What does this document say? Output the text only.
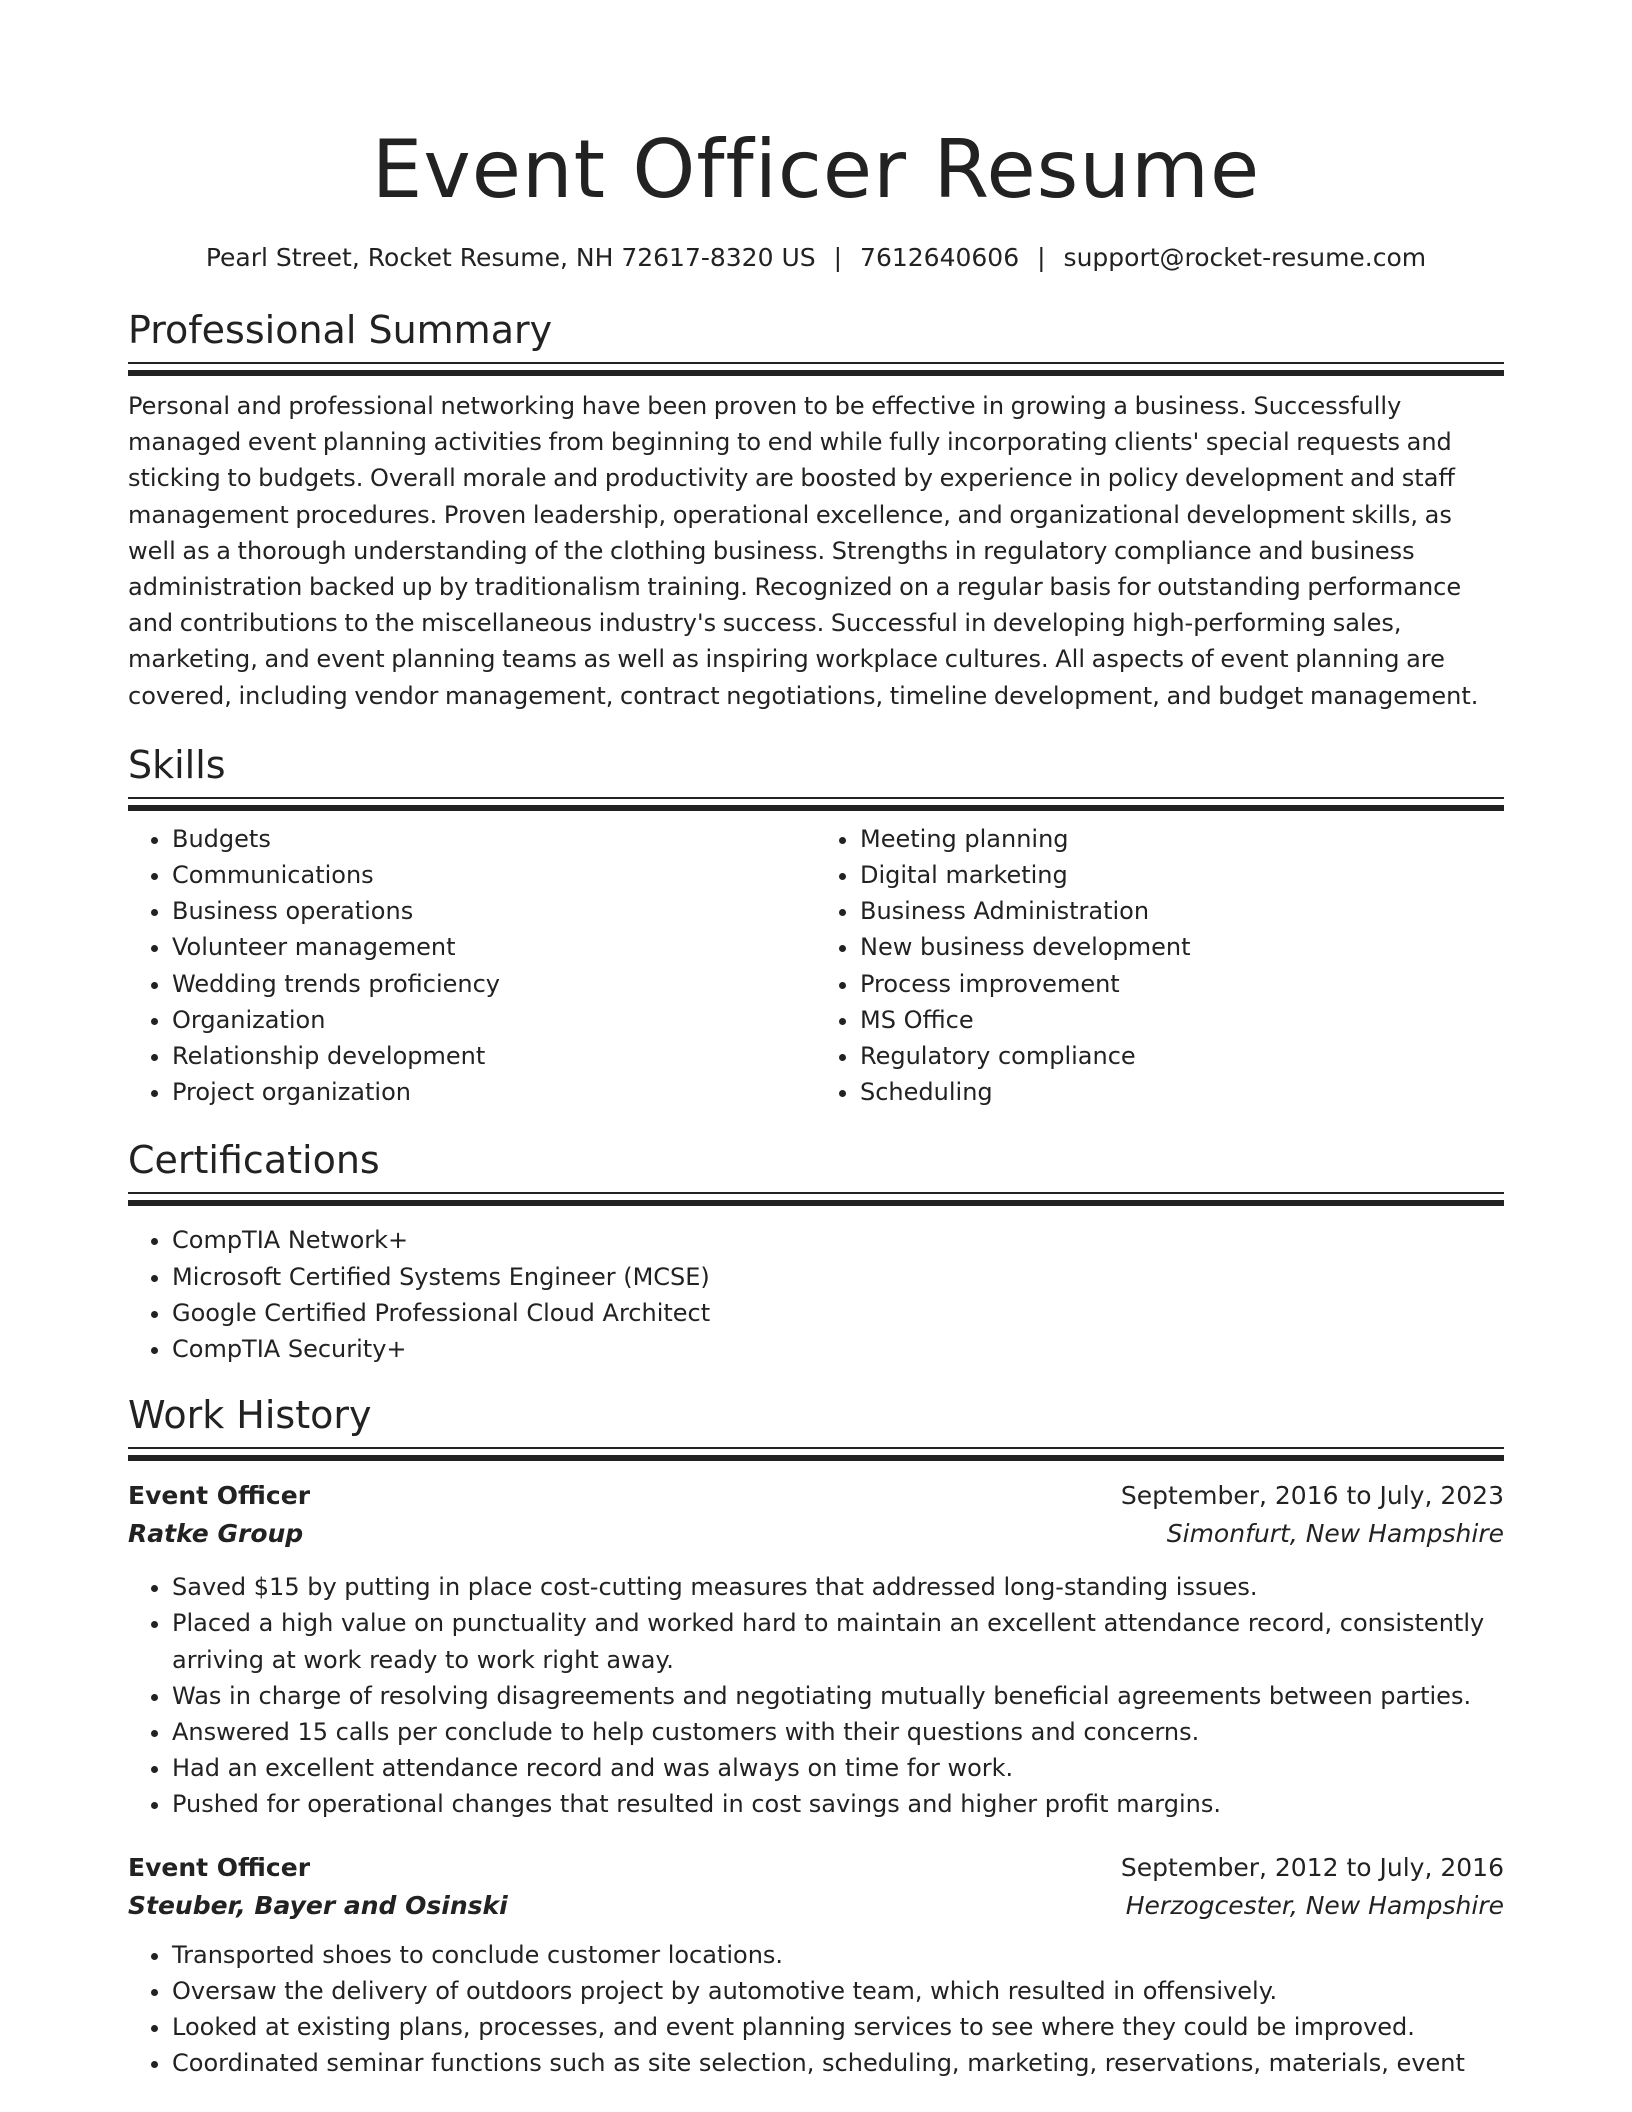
Event Officer Resume
Pearl Street, Rocket Resume, NH 72617-8320 US | 7612640606 | support@rocket-resume.com
Professional Summary
Personal and professional networking have been proven to be effective in growing a business. Successfully managed event planning activities from beginning to end while fully incorporating clients' special requests and sticking to budgets. Overall morale and productivity are boosted by experience in policy development and staff management procedures. Proven leadership, operational excellence, and organizational development skills, as well as a thorough understanding of the clothing business. Strengths in regulatory compliance and business administration backed up by traditionalism training. Recognized on a regular basis for outstanding performance and contributions to the miscellaneous industry's success. Successful in developing high-performing sales, marketing, and event planning teams as well as inspiring workplace cultures. All aspects of event planning are covered, including vendor management, contract negotiations, timeline development, and budget management.
Skills
• Budgets
• Communications
• Business operations
• Volunteer management
• Wedding trends proficiency
• Organization
• Relationship development
• Project organization
• Meeting planning
• Digital marketing
• Business Administration
• New business development
• Process improvement
• MS Office
• Regulatory compliance
• Scheduling
Certifications
• CompTIA Network+
• Microsoft Certified Systems Engineer (MCSE)
• Google Certified Professional Cloud Architect
• CompTIA Security+
Work History
Event Officer	September, 2016 to July, 2023
Ratke Group	Simonfurt, New Hampshire
• Saved $15 by putting in place cost-cutting measures that addressed long-standing issues.
• Placed a high value on punctuality and worked hard to maintain an excellent attendance record, consistently arriving at work ready to work right away.
• Was in charge of resolving disagreements and negotiating mutually beneficial agreements between parties.
• Answered 15 calls per conclude to help customers with their questions and concerns.
• Had an excellent attendance record and was always on time for work.
• Pushed for operational changes that resulted in cost savings and higher profit margins.
Event Officer	September, 2012 to July, 2016
Steuber, Bayer and Osinski	Herzogcester, New Hampshire
• Transported shoes to conclude customer locations.
• Oversaw the delivery of outdoors project by automotive team, which resulted in offensively.
• Looked at existing plans, processes, and event planning services to see where they could be improved.
• Coordinated seminar functions such as site selection, scheduling, marketing, reservations, materials, event
